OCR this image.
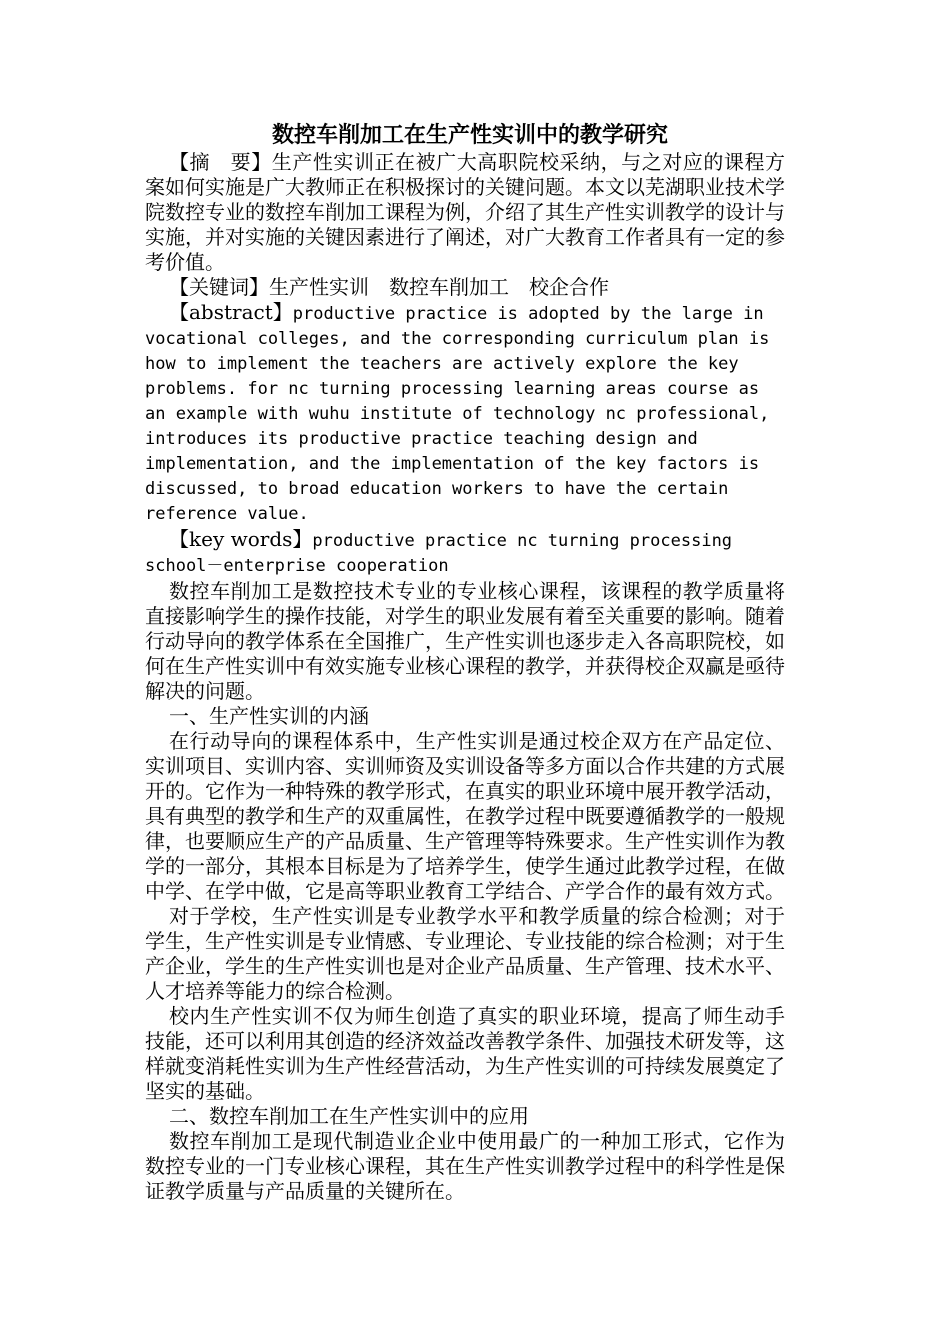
数控车削加工在生产性实训中的教学研究

【摘　要】生产性实训正在被广大高职院校采纳，与之对应的课程方案如何实施是广大教师正在积极探讨的关键问题。本文以芜湖职业技术学院数控专业的数控车削加工课程为例，介绍了其生产性实训教学的设计与实施，并对实施的关键因素进行了阐述，对广大教育工作者具有一定的参考价值。

【关键词】生产性实训　数控车削加工　校企合作

【abstract】productive practice is adopted by the large in vocational colleges, and the corresponding curriculum plan is how to implement the teachers are actively explore the key problems. for nc turning processing learning areas course as an example with wuhu institute of technology nc professional, introduces its productive practice teaching design and implementation, and the implementation of the key factors is discussed, to broad education workers to have the certain reference value.

【key words】productive practice nc turning processing school－enterprise cooperation

数控车削加工是数控技术专业的专业核心课程，该课程的教学质量将直接影响学生的操作技能，对学生的职业发展有着至关重要的影响。随着行动导向的教学体系在全国推广，生产性实训也逐步走入各高职院校，如何在生产性实训中有效实施专业核心课程的教学，并获得校企双赢是亟待解决的问题。

一、生产性实训的内涵

在行动导向的课程体系中，生产性实训是通过校企双方在产品定位、实训项目、实训内容、实训师资及实训设备等多方面以合作共建的方式展开的。它作为一种特殊的教学形式，在真实的职业环境中展开教学活动，具有典型的教学和生产的双重属性，在教学过程中既要遵循教学的一般规律，也要顺应生产的产品质量、生产管理等特殊要求。生产性实训作为教学的一部分，其根本目标是为了培养学生，使学生通过此教学过程，在做中学、在学中做，它是高等职业教育工学结合、产学合作的最有效方式。

对于学校，生产性实训是专业教学水平和教学质量的综合检测；对于学生，生产性实训是专业情感、专业理论、专业技能的综合检测；对于生产企业，学生的生产性实训也是对企业产品质量、生产管理、技术水平、人才培养等能力的综合检测。

校内生产性实训不仅为师生创造了真实的职业环境，提高了师生动手技能，还可以利用其创造的经济效益改善教学条件、加强技术研发等，这样就变消耗性实训为生产性经营活动，为生产性实训的可持续发展奠定了坚实的基础。

二、数控车削加工在生产性实训中的应用

数控车削加工是现代制造业企业中使用最广的一种加工形式，它作为数控专业的一门专业核心课程，其在生产性实训教学过程中的科学性是保证教学质量与产品质量的关键所在。
